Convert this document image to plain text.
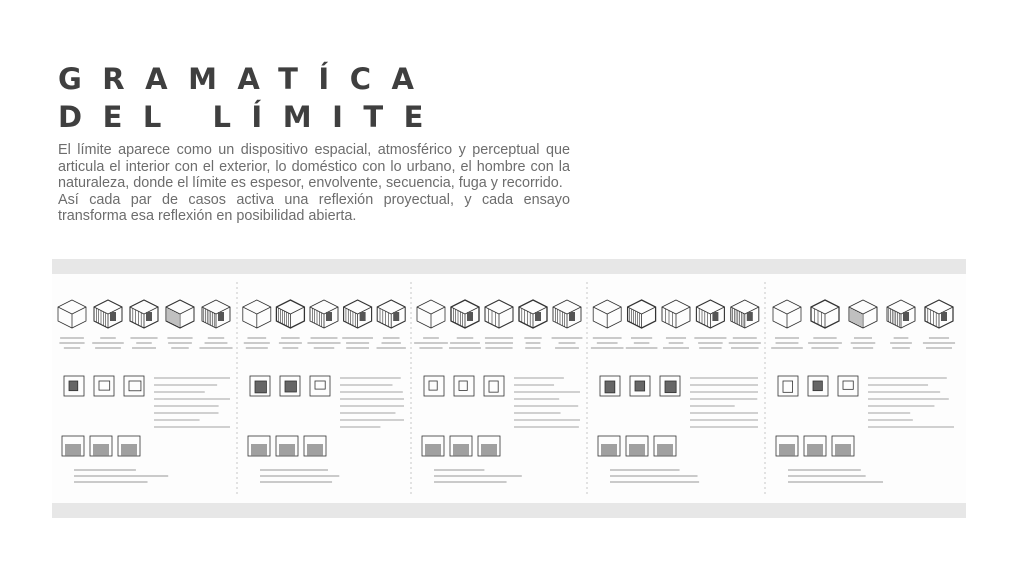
GRAMATÍCA
DEL LÍMITE

El límite aparece como un dispositivo espacial, atmosférico y perceptual que articula el interior con el exterior, lo doméstico con lo urbano, el hombre con la naturaleza, donde el límite es espesor, envolvente, secuencia, fuga y recorrido.

Así cada par de casos activa una reflexión proyectual, y cada ensayo transforma esa reflexión en posibilidad abierta.
